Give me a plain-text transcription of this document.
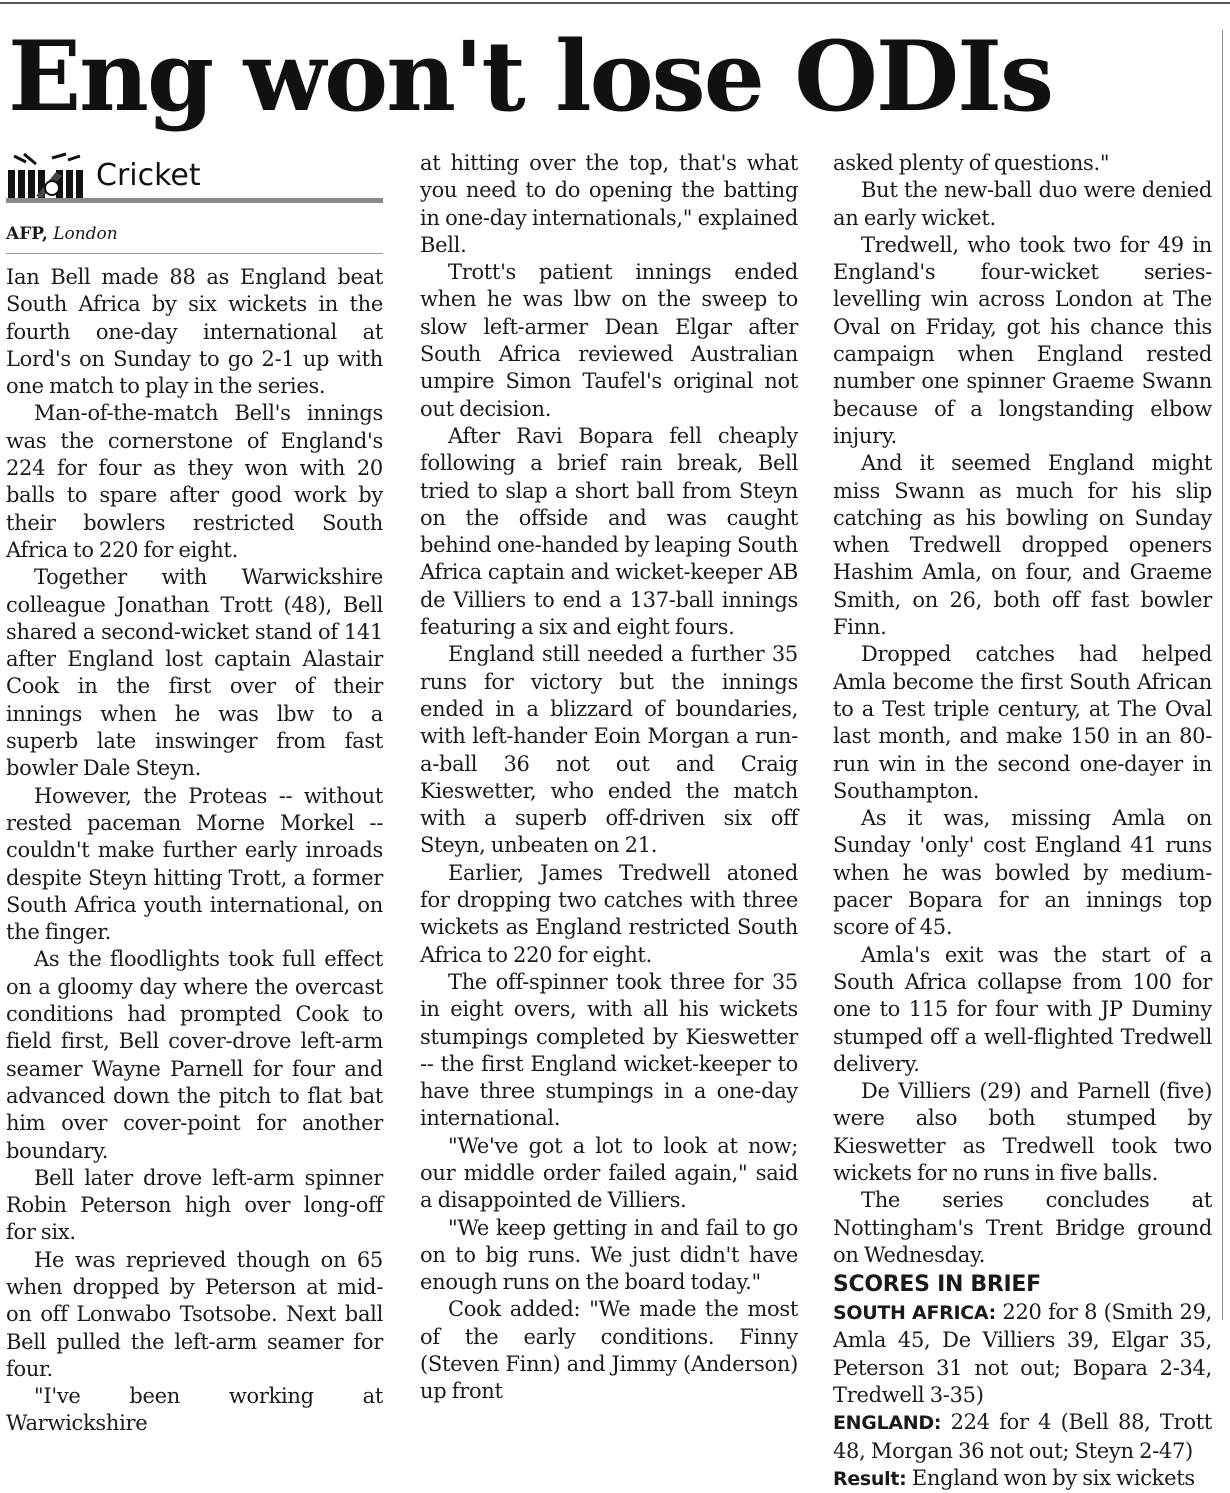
Eng won't lose ODIs
Cricket
AFP, London

Ian Bell made 88 as England beat South Africa by six wickets in the fourth one-day international at Lord's on Sunday to go 2-1 up with one match to play in the series.

Man-of-the-match Bell's innings was the cornerstone of England's 224 for four as they won with 20 balls to spare after good work by their bowlers restricted South Africa to 220 for eight.

Together with Warwickshire colleague Jonathan Trott (48), Bell shared a second-wicket stand of 141 after England lost captain Alastair Cook in the first over of their innings when he was lbw to a superb late inswinger from fast bowler Dale Steyn.

However, the Proteas -- without rested paceman Morne Morkel -- couldn't make further early inroads despite Steyn hitting Trott, a former South Africa youth international, on the finger.

As the floodlights took full effect on a gloomy day where the overcast conditions had prompted Cook to field first, Bell cover-drove left-arm seamer Wayne Parnell for four and advanced down the pitch to flat bat him over cover-point for another boundary.

Bell later drove left-arm spinner Robin Peterson high over long-off for six.

He was reprieved though on 65 when dropped by Peterson at mid-on off Lonwabo Tsotsobe. Next ball Bell pulled the left-arm seamer for four.

"I've been working at Warwickshire

at hitting over the top, that's what you need to do opening the batting in one-day internationals," explained Bell.

Trott's patient innings ended when he was lbw on the sweep to slow left-armer Dean Elgar after South Africa reviewed Australian umpire Simon Taufel's original not out decision.

After Ravi Bopara fell cheaply following a brief rain break, Bell tried to slap a short ball from Steyn on the offside and was caught behind one-handed by leaping South Africa captain and wicket-keeper AB de Villiers to end a 137-ball innings featuring a six and eight fours.

England still needed a further 35 runs for victory but the innings ended in a blizzard of boundaries, with left-hander Eoin Morgan a run-a-ball 36 not out and Craig Kieswetter, who ended the match with a superb off-driven six off Steyn, unbeaten on 21.

Earlier, James Tredwell atoned for dropping two catches with three wickets as England restricted South Africa to 220 for eight.

The off-spinner took three for 35 in eight overs, with all his wickets stumpings completed by Kieswetter -- the first England wicket-keeper to have three stumpings in a one-day international.

"We've got a lot to look at now; our middle order failed again," said a disappointed de Villiers.

"We keep getting in and fail to go on to big runs. We just didn't have enough runs on the board today."

Cook added: "We made the most of the early conditions. Finny (Steven Finn) and Jimmy (Anderson) up front

asked plenty of questions."

But the new-ball duo were denied an early wicket.

Tredwell, who took two for 49 in England's four-wicket series-levelling win across London at The Oval on Friday, got his chance this campaign when England rested number one spinner Graeme Swann because of a longstanding elbow injury.

And it seemed England might miss Swann as much for his slip catching as his bowling on Sunday when Tredwell dropped openers Hashim Amla, on four, and Graeme Smith, on 26, both off fast bowler Finn.

Dropped catches had helped Amla become the first South African to a Test triple century, at The Oval last month, and make 150 in an 80-run win in the second one-dayer in Southampton.

As it was, missing Amla on Sunday 'only' cost England 41 runs when he was bowled by medium-pacer Bopara for an innings top score of 45.

Amla's exit was the start of a South Africa collapse from 100 for one to 115 for four with JP Duminy stumped off a well-flighted Tredwell delivery.

De Villiers (29) and Parnell (five) were also both stumped by Kieswetter as Tredwell took two wickets for no runs in five balls.

The series concludes at Nottingham's Trent Bridge ground on Wednesday.

SCORES IN BRIEF

SOUTH AFRICA: 220 for 8 (Smith 29, Amla 45, De Villiers 39, Elgar 35, Peterson 31 not out; Bopara 2-34, Tredwell 3-35)

ENGLAND: 224 for 4 (Bell 88, Trott 48, Morgan 36 not out; Steyn 2-47)

Result: England won by six wickets
